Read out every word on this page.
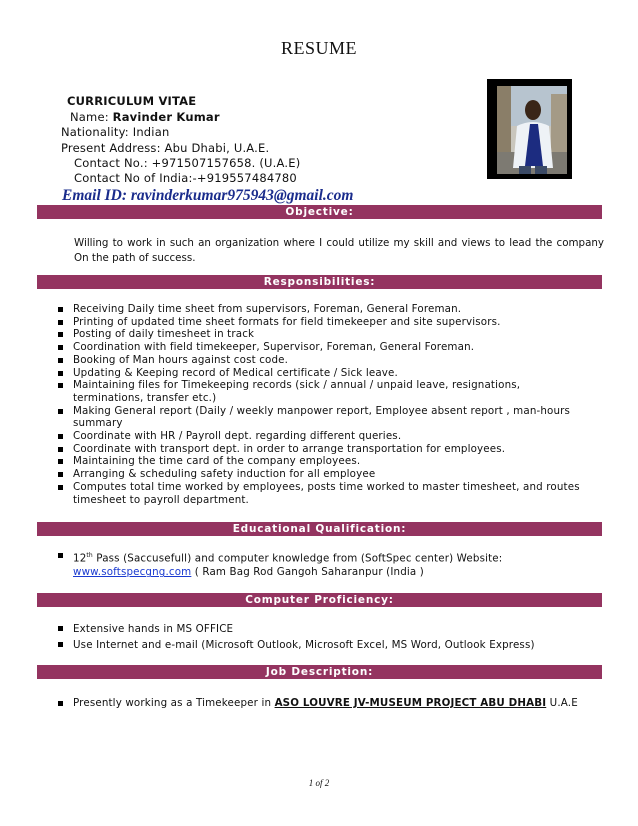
RESUME
CURRICULUM VITAE
Name: Ravinder Kumar
Nationality: Indian
Present Address: Abu Dhabi, U.A.E.
Contact No.: +971507157658. (U.A.E)
Contact No of India:-+919557484780
Email ID: ravinderkumar975943@gmail.com
Objective:
Willing to work in such an organization where I could utilize my skill and views to lead the company On the path of success.
Responsibilities:
Receiving Daily time sheet from supervisors, Foreman, General Foreman.
Printing of updated time sheet formats for field timekeeper and site supervisors.
Posting of daily timesheet in track
Coordination with field timekeeper, Supervisor, Foreman, General Foreman.
Booking of Man hours against cost code.
Updating & Keeping record of Medical certificate / Sick leave.
Maintaining files for Timekeeping records (sick / annual / unpaid leave, resignations, terminations, transfer etc.)
Making General report (Daily / weekly manpower report, Employee absent report , man-hours summary
Coordinate with HR / Payroll dept. regarding different queries.
Coordinate with transport dept. in order to arrange transportation for employees.
Maintaining the time card of the company employees.
Arranging & scheduling safety induction for all employee
Computes total time worked by employees, posts time worked to master timesheet, and routes timesheet to payroll department.
Educational Qualification:
12th Pass (Saccusefull) and computer knowledge from (SoftSpec center) Website:
www.softspecgng.com ( Ram Bag Rod Gangoh Saharanpur (India )
Computer Proficiency:
Extensive hands in MS OFFICE
Use Internet and e-mail (Microsoft Outlook, Microsoft Excel, MS Word, Outlook Express)
Job Description:
Presently working as a Timekeeper in ASO LOUVRE JV-MUSEUM PROJECT ABU DHABI U.A.E
1 of 2
